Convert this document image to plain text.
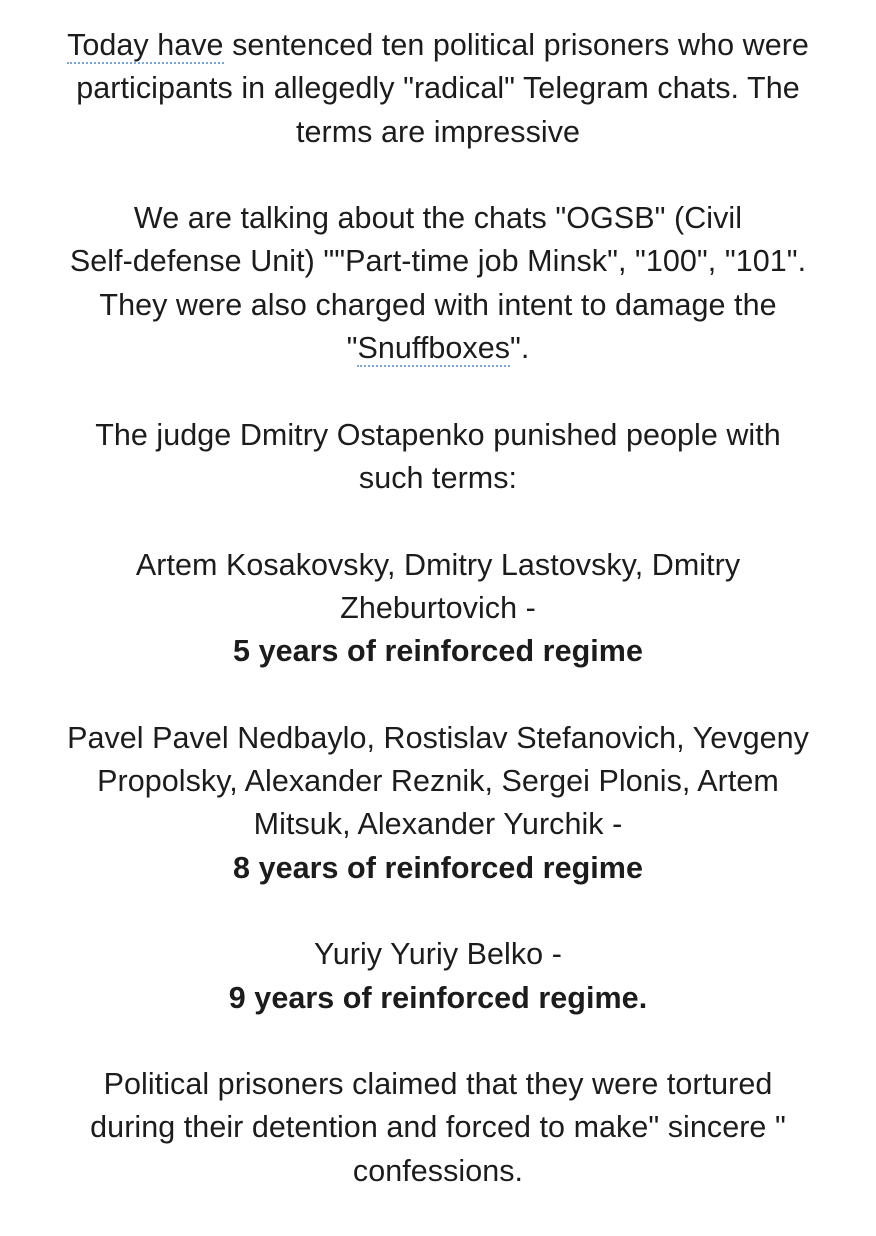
Today have sentenced ten political prisoners who were
participants in allegedly "radical" Telegram chats. The
terms are impressive
We are talking about the chats "OGSB" (Civil
Self-defense Unit) ""Part-time job Minsk", "100", "101".
They were also charged with intent to damage the
"Snuffboxes".
The judge Dmitry Ostapenko punished people with
such terms:
Artem Kosakovsky, Dmitry Lastovsky, Dmitry
Zheburtovich -
5 years of reinforced regime
Pavel Pavel Nedbaylo, Rostislav Stefanovich, Yevgeny
Propolsky, Alexander Reznik, Sergei Plonis, Artem
Mitsuk, Alexander Yurchik -
8 years of reinforced regime
Yuriy Yuriy Belko -
9 years of reinforced regime.
Political prisoners claimed that they were tortured
during their detention and forced to make" sincere "
confessions.
